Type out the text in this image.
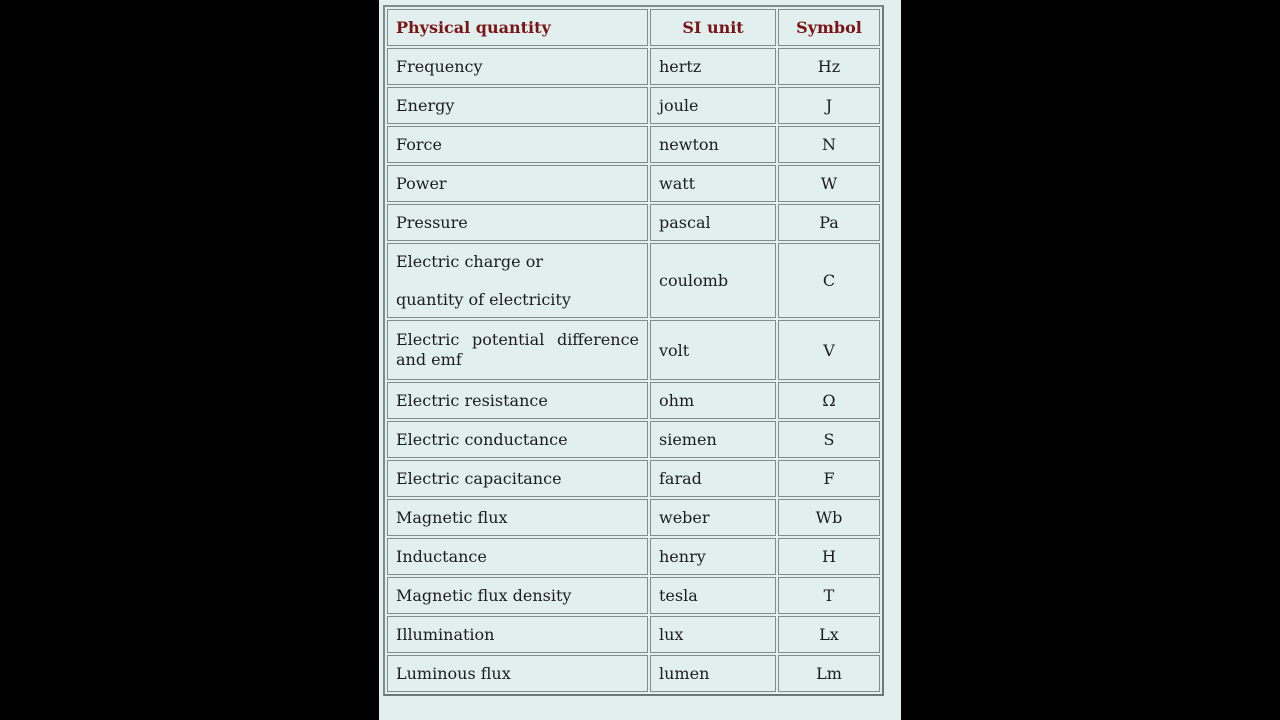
Physical quantity	SI unit	Symbol
Frequency	hertz	Hz
Energy	joule	J
Force	newton	N
Power	watt	W
Pressure	pascal	Pa

Electric charge or
quantity of electricity	coulomb	C
Electric potential difference and emf	volt	V
Electric resistance	ohm	Ω
Electric conductance	siemen	S
Electric capacitance	farad	F
Magnetic flux	weber	Wb
Inductance	henry	H
Magnetic flux density	tesla	T
Illumination	lux	Lx
Luminous flux	lumen	Lm
